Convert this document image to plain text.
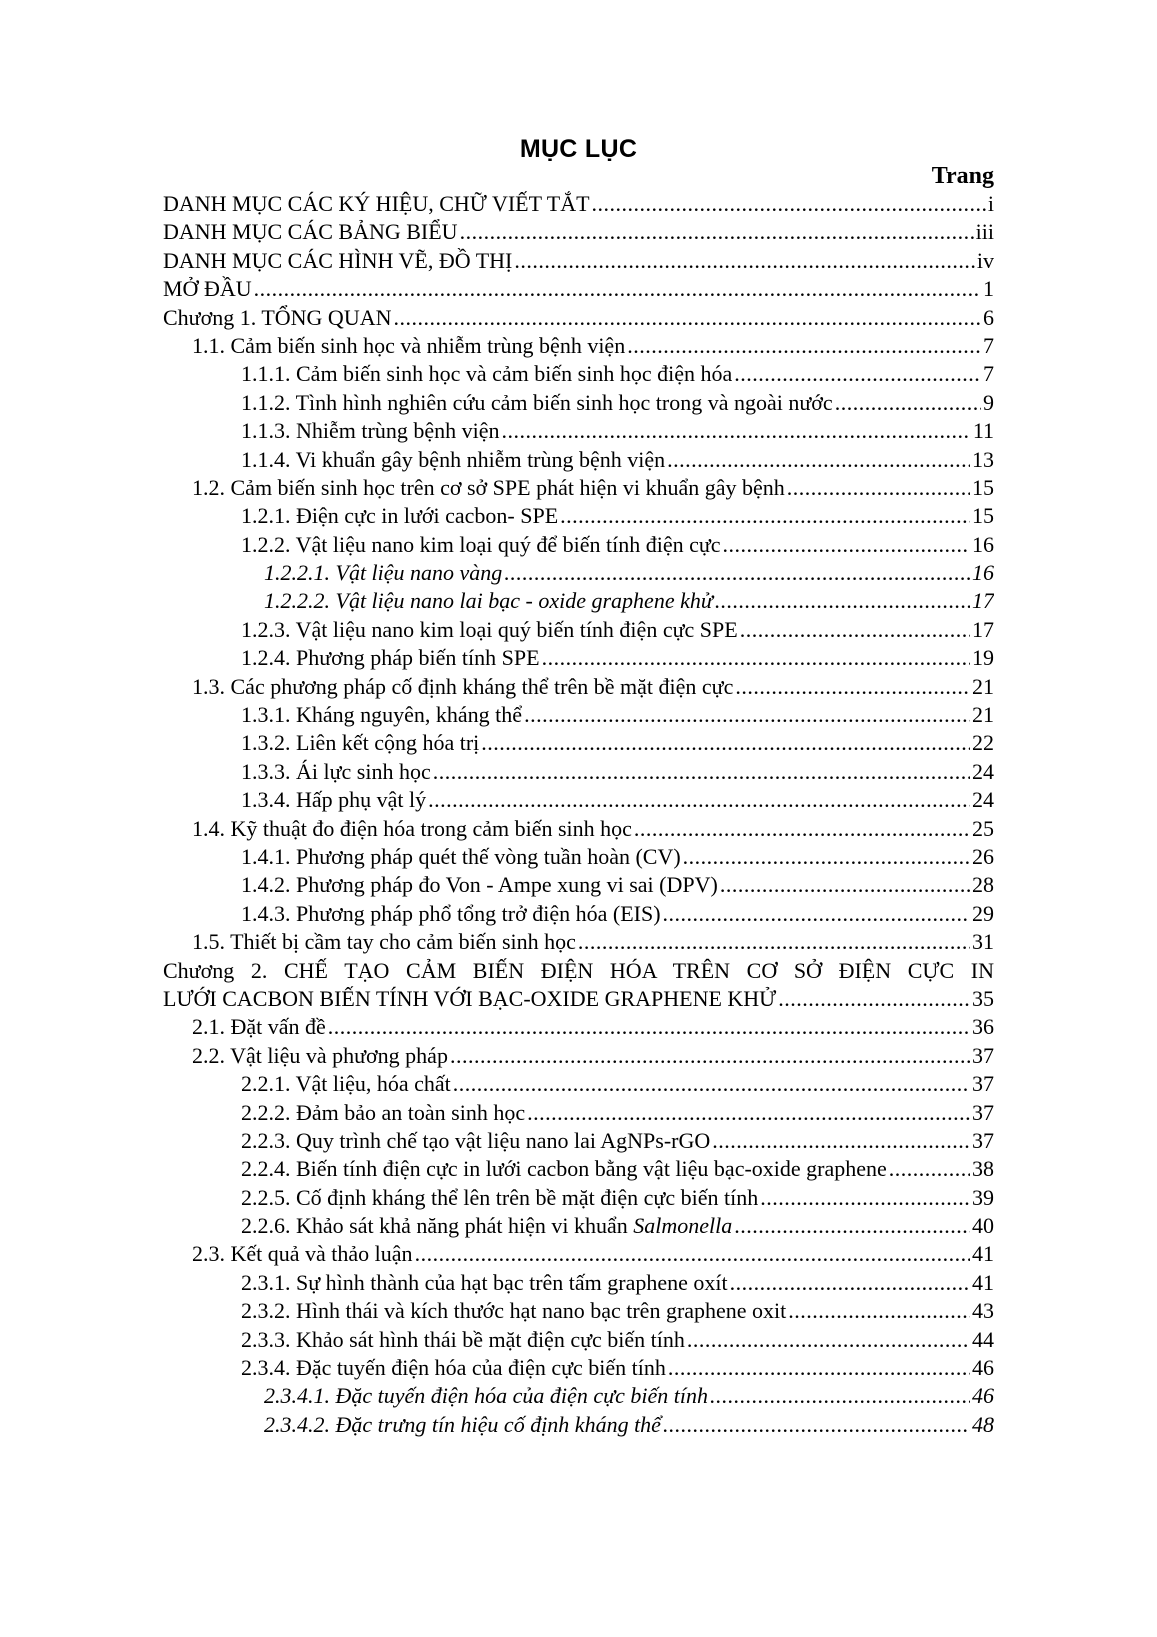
MỤC LỤC
Trang
DANH MỤC CÁC KÝ HIỆU, CHỮ VIẾT TẮT .....	i
DANH MỤC CÁC BẢNG BIỂU .....	iii
DANH MỤC CÁC HÌNH VẼ, ĐỒ THỊ .....	iv
MỞ ĐẦU .....	1
Chương 1. TỔNG QUAN .....	6
1.1. Cảm biến sinh học và nhiễm trùng bệnh viện .....	7
1.1.1. Cảm biến sinh học và cảm biến sinh học điện hóa .....	7
1.1.2. Tình hình nghiên cứu cảm biến sinh học trong và ngoài nước .....	9
1.1.3. Nhiễm trùng bệnh viện .....	11
1.1.4. Vi khuẩn gây bệnh nhiễm trùng bệnh viện .....	13
1.2. Cảm biến sinh học trên cơ sở SPE phát hiện vi khuẩn gây bệnh .....	15
1.2.1. Điện cực in lưới cacbon- SPE .....	15
1.2.2. Vật liệu nano kim loại quý để biến tính điện cực .....	16
1.2.2.1. Vật liệu nano vàng .....	16
1.2.2.2. Vật liệu nano lai bạc - oxide graphene khử .....	17
1.2.3. Vật liệu nano kim loại quý biến tính điện cực SPE .....	17
1.2.4. Phương pháp biến tính SPE .....	19
1.3. Các phương pháp cố định kháng thể trên bề mặt điện cực .....	21
1.3.1. Kháng nguyên, kháng thể .....	21
1.3.2. Liên kết cộng hóa trị .....	22
1.3.3. Ái lực sinh học .....	24
1.3.4. Hấp phụ vật lý .....	24
1.4. Kỹ thuật đo điện hóa trong cảm biến sinh học .....	25
1.4.1. Phương pháp quét thế vòng tuần hoàn (CV) .....	26
1.4.2. Phương pháp đo Von - Ampe xung vi sai (DPV) .....	28
1.4.3. Phương pháp phổ tổng trở điện hóa (EIS) .....	29
1.5. Thiết bị cầm tay cho cảm biến sinh học .....	31
Chương 2. CHẾ TẠO CẢM BIẾN ĐIỆN HÓA TRÊN CƠ SỞ ĐIỆN CỰC IN
LƯỚI CACBON BIẾN TÍNH VỚI BẠC-OXIDE GRAPHENE KHỬ .....	35
2.1. Đặt vấn đề .....	36
2.2. Vật liệu và phương pháp .....	37
2.2.1. Vật liệu, hóa chất .....	37
2.2.2. Đảm bảo an toàn sinh học .....	37
2.2.3. Quy trình chế tạo vật liệu nano lai AgNPs-rGO .....	37
2.2.4. Biến tính điện cực in lưới cacbon bằng vật liệu bạc-oxide graphene .....	38
2.2.5. Cố định kháng thể lên trên bề mặt điện cực biến tính .....	39
2.2.6. Khảo sát khả năng phát hiện vi khuẩn Salmonella .....	40
2.3. Kết quả và thảo luận .....	41
2.3.1. Sự hình thành của hạt bạc trên tấm graphene oxít .....	41
2.3.2. Hình thái và kích thước hạt nano bạc trên graphene oxit .....	43
2.3.3. Khảo sát hình thái bề mặt điện cực biến tính .....	44
2.3.4. Đặc tuyến điện hóa của điện cực biến tính .....	46
2.3.4.1. Đặc tuyến điện hóa của điện cực biến tính .....	46
2.3.4.2. Đặc trưng tín hiệu cố định kháng thể .....	48
